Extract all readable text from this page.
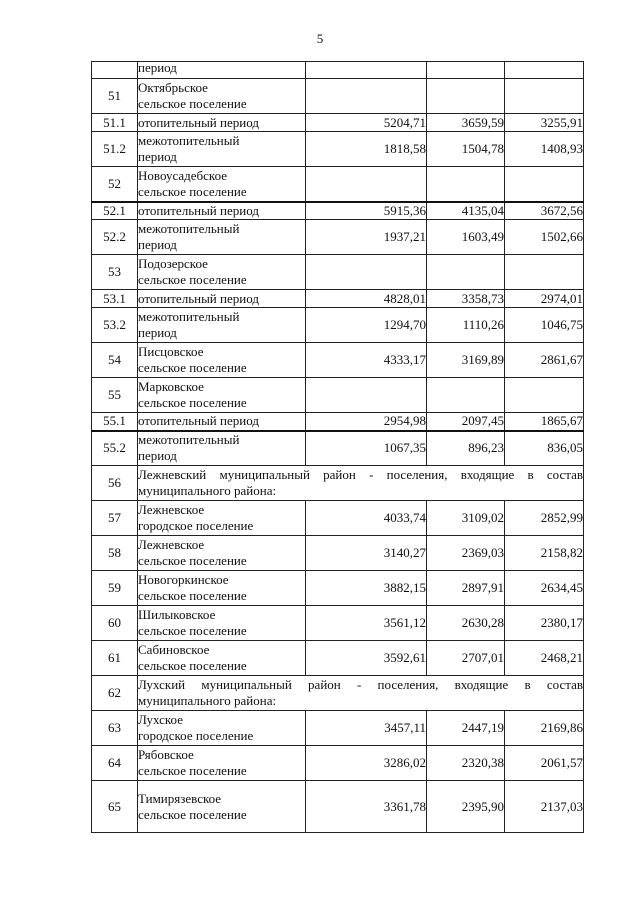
5

	период			

51	Октябрьское
сельское поселение			

51.1	отопительный период	5204,71	3659,59	3255,91
51.2	межотопительный
период	1818,58	1504,78	1408,93
52	Новоусадебское
сельское поселение			

52.1	отопительный период	5915,36	4135,04	3672,56
52.2	межотопительный
период	1937,21	1603,49	1502,66
53	Подозерское
сельское поселение			

53.1	отопительный период	4828,01	3358,73	2974,01
53.2	межотопительный
период	1294,70	1110,26	1046,75
54	Писцовское
сельское поселение	4333,17	3169,89	2861,67
55	Марковское
сельское поселение			

55.1	отопительный период	2954,98	2097,45	1865,67
55.2	межотопительный
период	1067,35	896,23	836,05
56	Лежневский муниципальный район - поселения, входящие в состав муниципального района:			
57	Лежневское
городское поселение	4033,74	3109,02	2852,99
58	Лежневское
сельское поселение	3140,27	2369,03	2158,82
59	Новогоркинское
сельское поселение	3882,15	2897,91	2634,45
60	Шилыковское
сельское поселение	3561,12	2630,28	2380,17
61	Сабиновское
сельское поселение	3592,61	2707,01	2468,21
62	Лухский муниципальный район - поселения, входящие в состав муниципального района:			
63	Лухское
городское поселение	3457,11	2447,19	2169,86
64	Рябовское
сельское поселение	3286,02	2320,38	2061,57
65	Тимирязевское
сельское поселение	3361,78	2395,90	2137,03
